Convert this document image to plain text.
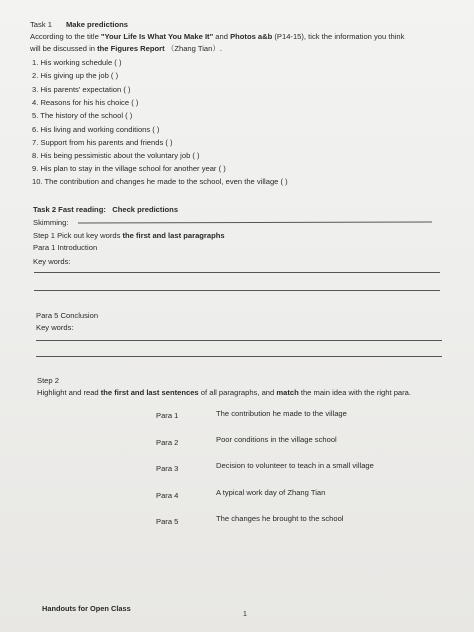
Task 1 Make predictions
According to the title "Your Life Is What You Make It" and Photos a&b (P14-15), tick the information you think
will be discussed in the Figures Report （Zhang Tian）.
1. His working schedule ( )
2. His giving up the job ( )
3. His parents' expectation ( )
4. Reasons for his his choice ( )
5. The history of the school ( )
6. His living and working conditions ( )
7. Support from his parents and friends ( )
8. His being pessimistic about the voluntary job ( )
9. His plan to stay in the village school for another year ( )
10. The contribution and changes he made to the school, even the village ( )
Task 2 Fast reading: Check predictions
Skimming:
Step 1 Pick out key words the first and last paragraphs
Para 1 Introduction
Key words:
Para 5 Conclusion
Key words:
Step 2
Highlight and read the first and last sentences of all paragraphs, and match the main idea with the right para.
Para 1	The contribution he made to the village
Para 2	Poor conditions in the village school
Para 3	Decision to volunteer to teach in a small village
Para 4	A typical work day of Zhang Tian
Para 5	The changes he brought to the school
Handouts for Open Class
1
